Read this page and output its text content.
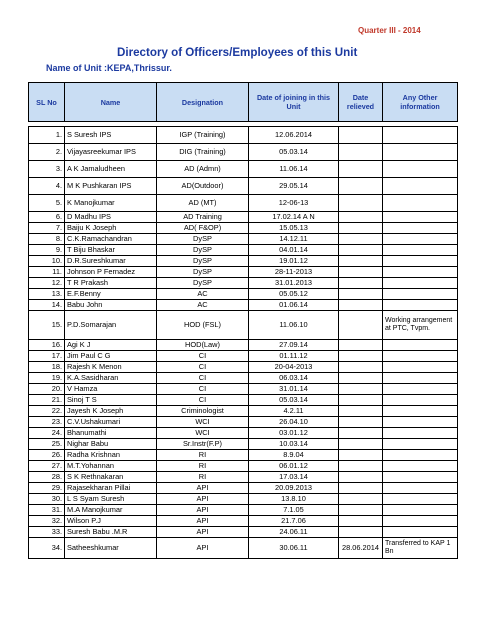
Quarter III - 2014
Directory of Officers/Employees of this Unit
Name of Unit :KEPA,Thrissur.
SL No	Name	Designation	Date of joining in this Unit	Date relieved	Any Other information

1.	S Suresh IPS	IGP (Training)	12.06.2014		
2.	Vijayasreekumar IPS	DIG (Training)	05.03.14		
3.	A K Jamaludheen	AD (Admn)	11.06.14		
4.	M K Pushkaran IPS	AD(Outdoor)	29.05.14		
5.	K Manojkumar	AD (MT)	12-06-13		
6.	D Madhu IPS	AD Training	17.02.14 A N		
7.	Baiju K Joseph	AD( F&OP)	15.05.13		
8.	C.K.Ramachandran	DySP	14.12.11		
9.	T Biju Bhaskar	DySP	04.01.14		
10.	D.R.Sureshkumar	DySP	19.01.12		
11.	Johnson P Fernadez	DySP	28-11-2013		
12.	T R Prakash	DySP	31.01.2013		
13.	E.F.Benny	AC	05.05.12		
14.	Babu John	AC	01.06.14		
15.	P.D.Somarajan	HOD (FSL)	11.06.10		Working arrangement at PTC, Tvpm.
16.	Agi K J	HOD(Law)	27.09.14		
17.	Jim Paul C G	CI	01.11.12		
18.	Rajesh K Menon	CI	20-04-2013		
19.	K.A.Sasidharan	CI	06.03.14		
20.	V Hamza	CI	31.01.14		
21.	Sinoj T S	CI	05.03.14		
22.	Jayesh K Joseph	Criminologist	4.2.11		
23.	C.V.Ushakumari	WCI	26.04.10		
24.	Bhanumathi	WCI	03.01.12		
25.	Nighar Babu	Sr.Instr(F.P)	10.03.14		
26.	Radha Krishnan	RI	8.9.04		
27.	M.T.Yohannan	RI	06.01.12		
28.	S K Rethnakaran	RI	17.03.14		
29.	Rajasekharan Pillai	API	20.09.2013		
30.	L S Syam Suresh	API	13.8.10		
31.	M.A Manojkumar	API	7.1.05		
32.	Wilson P.J	API	21.7.06		
33.	Suresh Babu .M.R	API	24.06.11		
34.	Satheeshkumar	API	30.06.11	28.06.2014	Transferred to KAP 1 Bn
